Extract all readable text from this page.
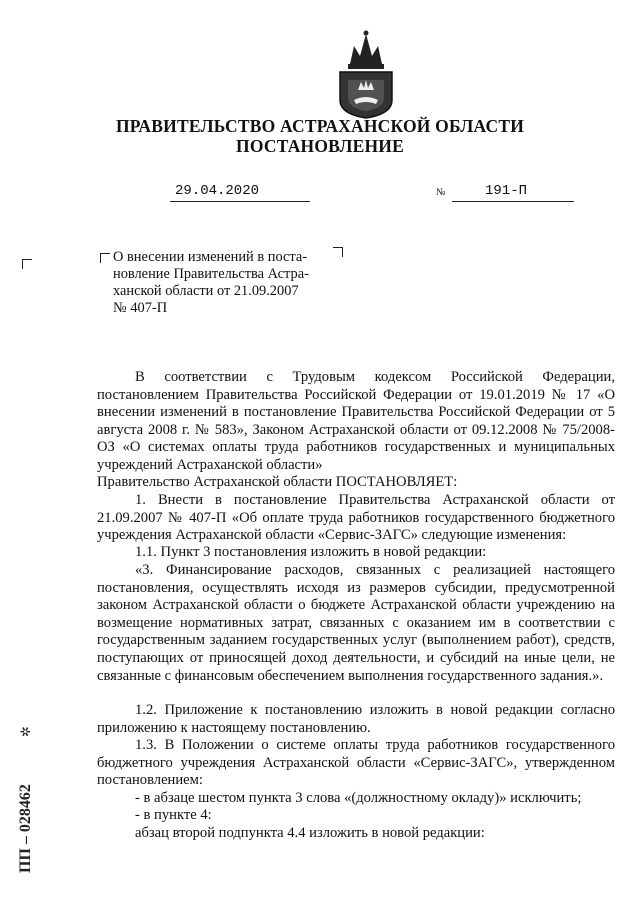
ПРАВИТЕЛЬСТВО АСТРАХАНСКОЙ ОБЛАСТИ
ПОСТАНОВЛЕНИЕ
29.04.2020	№	191-П
О внесении изменений в поста-
новление Правительства Астра-
ханской области от 21.09.2007
№ 407-П
В соответствии с Трудовым кодексом Российской Федерации, постановлением Правительства Российской Федерации от 19.01.2019 № 17 «О внесении изменений в постановление Правительства Российской Федерации от 5 августа 2008 г. № 583», Законом Астраханской области от 09.12.2008 № 75/2008-ОЗ «О системах оплаты труда работников государственных и муниципальных учреждений Астраханской области»
Правительство Астраханской области ПОСТАНОВЛЯЕТ:
1. Внести в постановление Правительства Астраханской области от 21.09.2007 № 407-П «Об оплате труда работников государственного бюджетного учреждения Астраханской области «Сервис-ЗАГС» следующие изменения:
1.1. Пункт 3 постановления изложить в новой редакции:
«3. Финансирование расходов, связанных с реализацией настоящего постановления, осуществлять исходя из размеров субсидии, предусмотренной законом Астраханской области о бюджете Астраханской области учреждению на возмещение нормативных затрат, связанных с оказанием им в соответствии с государственным заданием государственных услуг (выполнением работ), средств, поступающих от приносящей доход деятельности, и субсидий на иные цели, не связанные с финансовым обеспечением выполнения государственного задания.».
1.2. Приложение к постановлению изложить в новой редакции согласно приложению к настоящему постановлению.
1.3. В Положении о системе оплаты труда работников государственного бюджетного учреждения Астраханской области «Сервис-ЗАГС», утвержденном постановлением:
- в абзаце шестом пункта 3 слова «(должностному окладу)» исключить;
- в пункте 4:
абзац второй подпункта 4.4 изложить в новой редакции:
ПП – 028462
✲
